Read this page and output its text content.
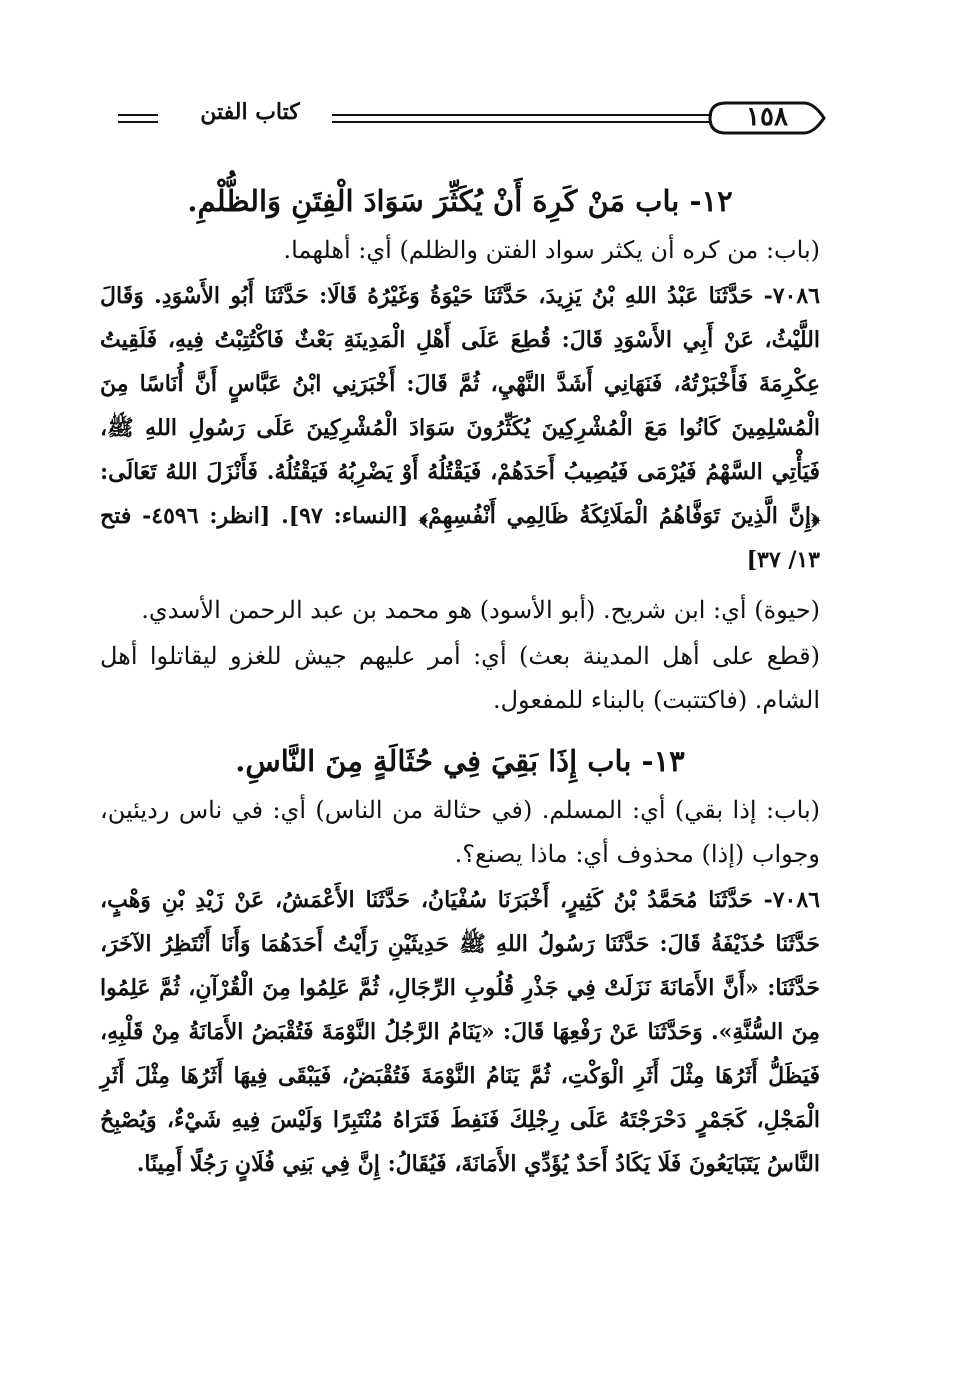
كتاب الفتن	١٥٨
١٢- باب مَنْ كَرِهَ أَنْ يُكَثِّرَ سَوَادَ الْفِتَنِ وَالظُّلْمِ.
(باب: من كره أن يكثر سواد الفتن والظلم) أي: أهلهما.
٧٠٨٦- حَدَّثَنَا عَبْدُ اللهِ بْنُ يَزِيدَ، حَدَّثَنَا حَيْوَةُ وَغَيْرُهُ قَالَا: حَدَّثَنَا أَبُو الأَسْوَدِ. وَقَالَ اللَّيْثُ، عَنْ أَبِي الأَسْوَدِ قَالَ: قُطِعَ عَلَى أَهْلِ الْمَدِينَةِ بَعْثٌ فَاكْتُتِبْتُ فِيهِ، فَلَقِيتُ عِكْرِمَةَ فَأَخْبَرْتُهُ، فَنَهَانِي أَشَدَّ النَّهْيِ، ثُمَّ قَالَ: أَخْبَرَنِي ابْنُ عَبَّاسٍ أَنَّ أُنَاسًا مِنَ الْمُسْلِمِينَ كَانُوا مَعَ الْمُشْرِكِينَ يُكَثِّرُونَ سَوَادَ الْمُشْرِكِينَ عَلَى رَسُولِ اللهِ ﷺ، فَيَأْتِي السَّهْمُ فَيُرْمَى فَيُصِيبُ أَحَدَهُمْ، فَيَقْتُلُهُ أَوْ يَضْرِبُهُ فَيَقْتُلُهُ. فَأَنْزَلَ اللهُ تَعَالَى: ﴿إِنَّ الَّذِينَ تَوَفَّاهُمُ الْمَلَائِكَةُ ظَالِمِي أَنْفُسِهِمْ﴾ [النساء: ٩٧]. [انظر: ٤٥٩٦- فتح ١٣/ ٣٧]
(حيوة) أي: ابن شريح. (أبو الأسود) هو محمد بن عبد الرحمن الأسدي.
(قطع على أهل المدينة بعث) أي: أمر عليهم جيش للغزو ليقاتلوا أهل الشام. (فاكتتبت) بالبناء للمفعول.
١٣- باب إِذَا بَقِيَ فِي حُثَالَةٍ مِنَ النَّاسِ.
(باب: إذا بقي) أي: المسلم. (في حثالة من الناس) أي: في ناس رديئين، وجواب (إذا) محذوف أي: ماذا يصنع؟.
٧٠٨٦- حَدَّثَنَا مُحَمَّدُ بْنُ كَثِيرٍ، أَخْبَرَنَا سُفْيَانُ، حَدَّثَنَا الأَعْمَشُ، عَنْ زَيْدِ بْنِ وَهْبٍ، حَدَّثَنَا حُذَيْفَةُ قَالَ: حَدَّثَنَا رَسُولُ اللهِ ﷺ حَدِيثَيْنِ رَأَيْتُ أَحَدَهُمَا وَأَنَا أَنْتَظِرُ الآخَرَ، حَدَّثَنَا: «أَنَّ الأَمَانَةَ نَزَلَتْ فِي جَذْرِ قُلُوبِ الرِّجَالِ، ثُمَّ عَلِمُوا مِنَ الْقُرْآنِ، ثُمَّ عَلِمُوا مِنَ السُّنَّةِ». وَحَدَّثَنَا عَنْ رَفْعِهَا قَالَ: «يَنَامُ الرَّجُلُ النَّوْمَةَ فَتُقْبَضُ الأَمَانَةُ مِنْ قَلْبِهِ، فَيَظَلُّ أَثَرُهَا مِثْلَ أَثَرِ الْوَكْتِ، ثُمَّ يَنَامُ النَّوْمَةَ فَتُقْبَضُ، فَيَبْقَى فِيهَا أَثَرُهَا مِثْلَ أَثَرِ الْمَجْلِ، كَجَمْرٍ دَحْرَجْتَهُ عَلَى رِجْلِكَ فَنَفِطَ فَتَرَاهُ مُنْتَبِرًا وَلَيْسَ فِيهِ شَيْءٌ، وَيُصْبِحُ النَّاسُ يَتَبَايَعُونَ فَلَا يَكَادُ أَحَدٌ يُؤَدِّي الأَمَانَةَ، فَيُقَالُ: إِنَّ فِي بَنِي فُلَانٍ رَجُلًا أَمِينًا.
